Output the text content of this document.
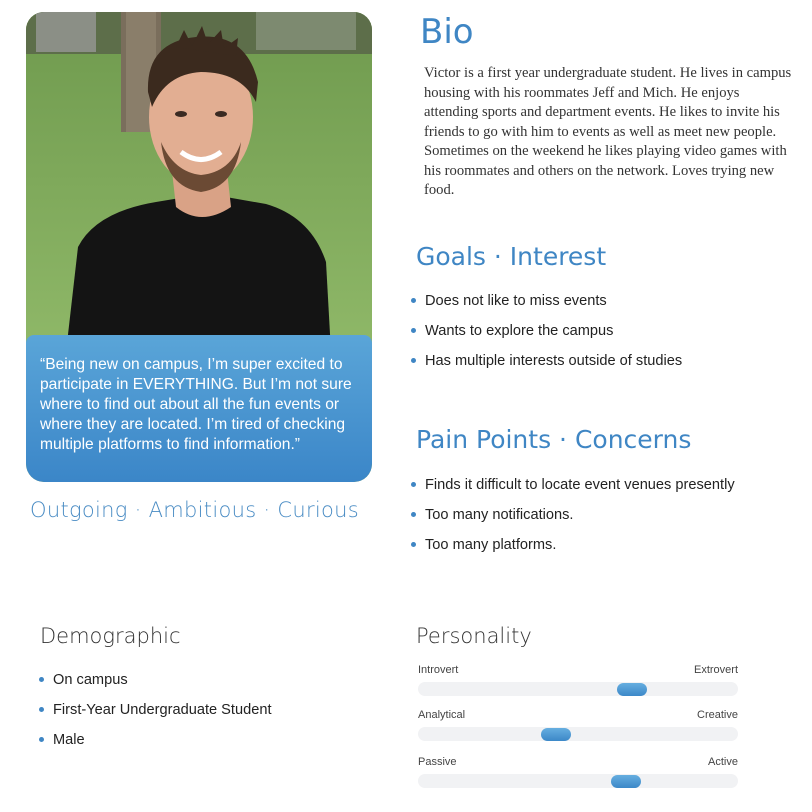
“Being new on campus, I’m super excited to participate in EVERYTHING. But I’m not sure where to find out about all the fun events or where they are located. I’m tired of checking multiple platforms to find information.”

Outgoing · Ambitious · Curious
Bio

Victor is a first year undergraduate student. He lives in campus housing with his roommates Jeff and Mich. He enjoys attending sports and department events. He likes to invite his friends to go with him to events as well as meet new people. Sometimes on the weekend he likes playing video games with his roommates and others on the network. Loves trying new food.

Goals · Interest
Does not like to miss events
Wants to explore the campus
Has multiple interests outside of studies
Pain Points · Concerns
Finds it difficult to locate event venues presently
Too many notifications.
Too many platforms.
Demographic
On campus
First-Year Undergraduate Student
Male
Personality
Introvert	Extrovert
Analytical	Creative
Passive	Active
